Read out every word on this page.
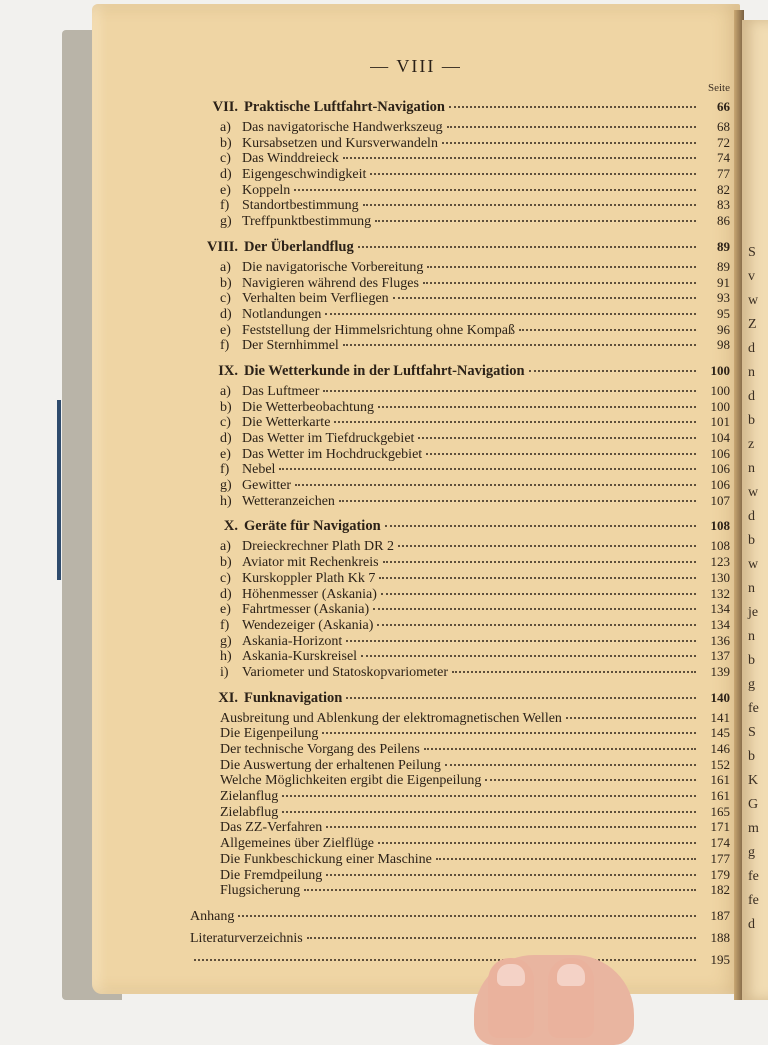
— VIII —
Seite
VII. Praktische Luftfahrt-Navigation	66
a) Das navigatorische Handwerkszeug	68
b) Kursabsetzen und Kursverwandeln	72
c) Das Winddreieck	74
d) Eigengeschwindigkeit	77
e) Koppeln	82
f) Standortbestimmung	83
g) Treffpunktbestimmung	86
VIII. Der Überlandflug	89
a) Die navigatorische Vorbereitung	89
b) Navigieren während des Fluges	91
c) Verhalten beim Verfliegen	93
d) Notlandungen	95
e) Feststellung der Himmelsrichtung ohne Kompaß	96
f) Der Sternhimmel	98
IX. Die Wetterkunde in der Luftfahrt-Navigation	100
a) Das Luftmeer	100
b) Die Wetterbeobachtung	100
c) Die Wetterkarte	101
d) Das Wetter im Tiefdruckgebiet	104
e) Das Wetter im Hochdruckgebiet	106
f) Nebel	106
g) Gewitter	106
h) Wetteranzeichen	107
X. Geräte für Navigation	108
a) Dreieckrechner Plath DR 2	108
b) Aviator mit Rechenkreis	123
c) Kurskoppler Plath Kk 7	130
d) Höhenmesser (Askania)	132
e) Fahrtmesser (Askania)	134
f) Wendezeiger (Askania)	134
g) Askania-Horizont	136
h) Askania-Kurskreisel	137
i) Variometer und Statoskopvariometer	139
XI. Funknavigation	140
Ausbreitung und Ablenkung der elektromagnetischen Wellen	141
Die Eigenpeilung	145
Der technische Vorgang des Peilens	146
Die Auswertung der erhaltenen Peilung	152
Welche Möglichkeiten ergibt die Eigenpeilung	161
Zielanflug	161
Zielabflug	165
Das ZZ-Verfahren	171
Allgemeines über Zielflüge	174
Die Funkbeschickung einer Maschine	177
Die Fremdpeilung	179
Flugsicherung	182
Anhang	187
Literaturverzeichnis	188
195
S
v
w
Z
d
n
d
b
z
n
w
d
b
w
n
je
n
b
g
fe
S
b
K
G
m
g
fe
fe
d
